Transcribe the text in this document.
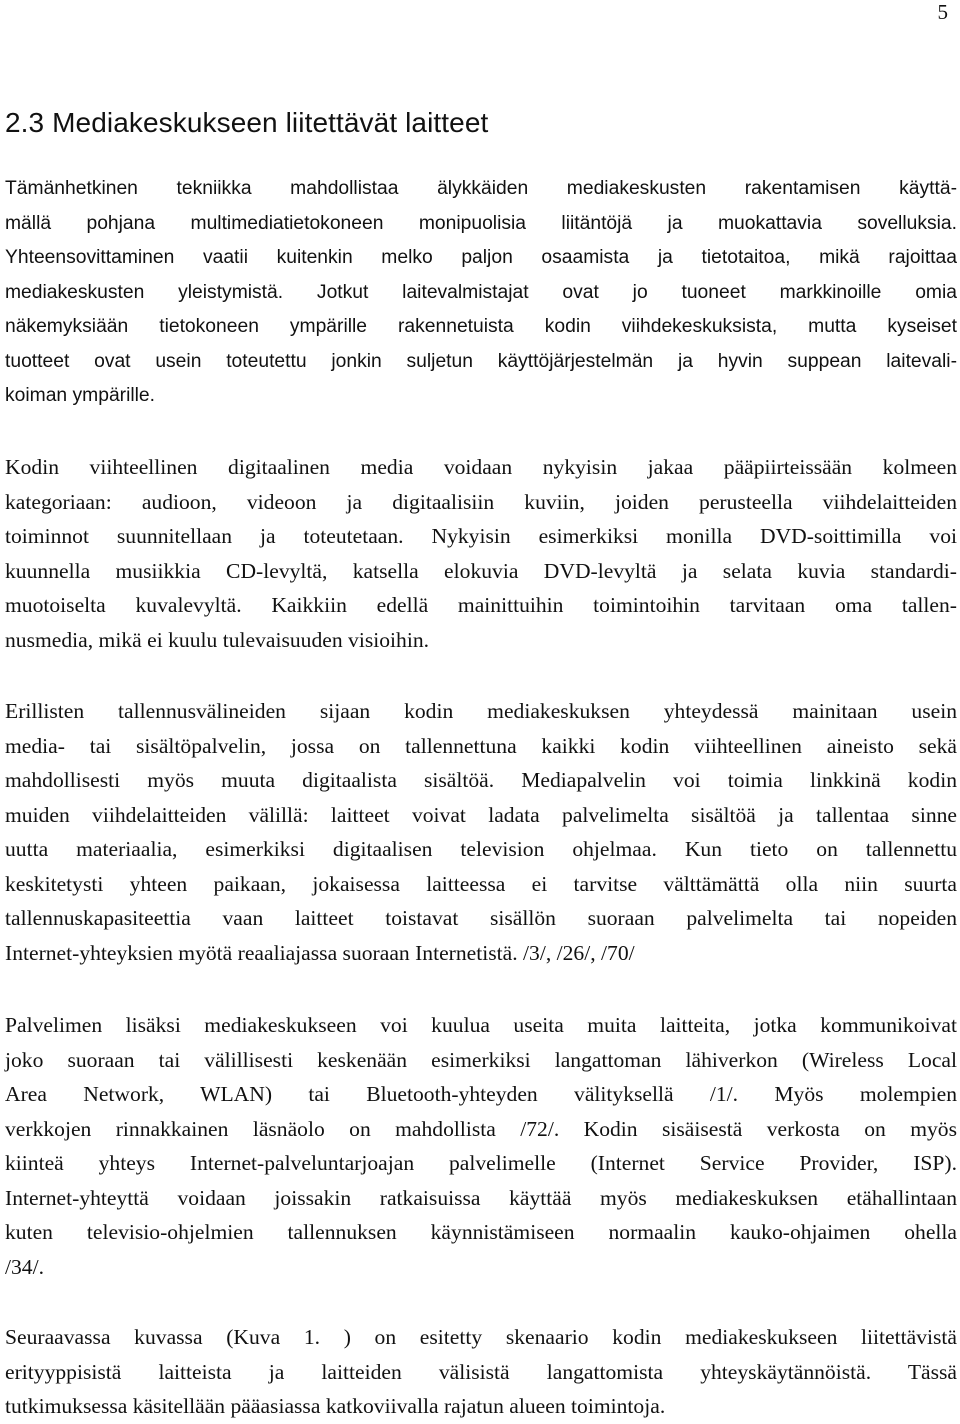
5
2.3 Mediakeskukseen liitettävät laitteet

Tämänhetkinen tekniikka mahdollistaa älykkäiden mediakeskusten rakentamisen käyttä-
mällä pohjana multimediatietokoneen monipuolisia liitäntöjä ja muokattavia sovelluksia.
Yhteensovittaminen vaatii kuitenkin melko paljon osaamista ja tietotaitoa, mikä rajoittaa
mediakeskusten yleistymistä. Jotkut laitevalmistajat ovat jo tuoneet markkinoille omia
näkemyksiään tietokoneen ympärille rakennetuista kodin viihdekeskuksista, mutta kyseiset
tuotteet ovat usein toteutettu jonkin suljetun käyttöjärjestelmän ja hyvin suppean laitevali-
koiman ympärille.

Kodin viihteellinen digitaalinen media voidaan nykyisin jakaa pääpiirteissään kolmeen
kategoriaan: audioon, videoon ja digitaalisiin kuviin, joiden perusteella viihdelaitteiden
toiminnot suunnitellaan ja toteutetaan. Nykyisin esimerkiksi monilla DVD-soittimilla voi
kuunnella musiikkia CD-levyltä, katsella elokuvia DVD-levyltä ja selata kuvia standardi-
muotoiselta kuvalevyltä. Kaikkiin edellä mainittuihin toimintoihin tarvitaan oma tallen-
nusmedia, mikä ei kuulu tulevaisuuden visioihin.

Erillisten tallennusvälineiden sijaan kodin mediakeskuksen yhteydessä mainitaan usein
media- tai sisältöpalvelin, jossa on tallennettuna kaikki kodin viihteellinen aineisto sekä
mahdollisesti myös muuta digitaalista sisältöä. Mediapalvelin voi toimia linkkinä kodin
muiden viihdelaitteiden välillä: laitteet voivat ladata palvelimelta sisältöä ja tallentaa sinne
uutta materiaalia, esimerkiksi digitaalisen television ohjelmaa. Kun tieto on tallennettu
keskitetysti yhteen paikaan, jokaisessa laitteessa ei tarvitse välttämättä olla niin suurta
tallennuskapasiteettia vaan laitteet toistavat sisällön suoraan palvelimelta tai nopeiden
Internet-yhteyksien myötä reaaliajassa suoraan Internetistä. /3/, /26/, /70/

Palvelimen lisäksi mediakeskukseen voi kuulua useita muita laitteita, jotka kommunikoivat
joko suoraan tai välillisesti keskenään esimerkiksi langattoman lähiverkon (Wireless Local
Area Network, WLAN) tai Bluetooth-yhteyden välityksellä /1/. Myös molempien
verkkojen rinnakkainen läsnäolo on mahdollista /72/. Kodin sisäisestä verkosta on myös
kiinteä yhteys Internet-palveluntarjoajan palvelimelle (Internet Service Provider, ISP).
Internet-yhteyttä voidaan joissakin ratkaisuissa käyttää myös mediakeskuksen etähallintaan
kuten televisio-ohjelmien tallennuksen käynnistämiseen normaalin kauko-ohjaimen ohella
/34/.

Seuraavassa kuvassa (Kuva 1. ) on esitetty skenaario kodin mediakeskukseen liitettävistä
erityyppisistä laitteista ja laitteiden välisistä langattomista yhteyskäytännöistä. Tässä
tutkimuksessa käsitellään pääasiassa katkoviivalla rajatun alueen toimintoja.
